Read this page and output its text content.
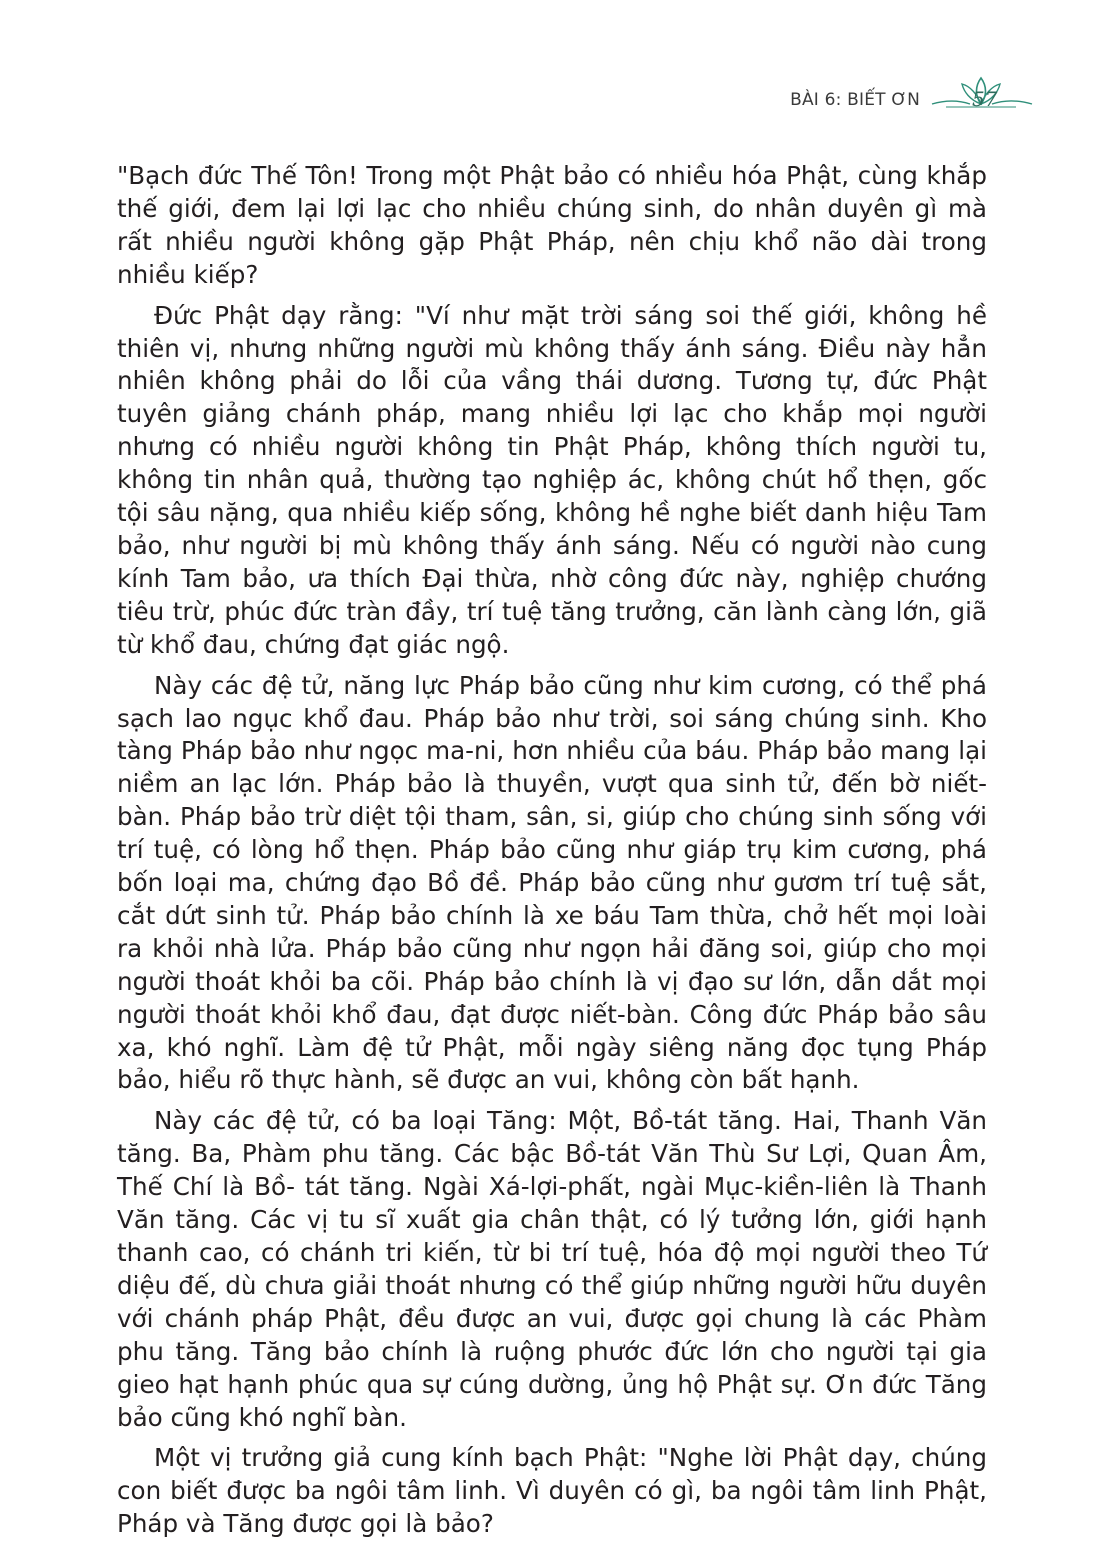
BÀI 6: BIẾT ƠN	57

"Bạch đức Thế Tôn! Trong một Phật bảo có nhiều hóa Phật, cùng khắp thế giới, đem lại lợi lạc cho nhiều chúng sinh, do nhân duyên gì mà rất nhiều người không gặp Phật Pháp, nên chịu khổ não dài trong nhiều kiếp?

Đức Phật dạy rằng: "Ví như mặt trời sáng soi thế giới, không hề thiên vị, nhưng những người mù không thấy ánh sáng. Điều này hẳn nhiên không phải do lỗi của vầng thái dương. Tương tự, đức Phật tuyên giảng chánh pháp, mang nhiều lợi lạc cho khắp mọi người nhưng có nhiều người không tin Phật Pháp, không thích người tu, không tin nhân quả, thường tạo nghiệp ác, không chút hổ thẹn, gốc tội sâu nặng, qua nhiều kiếp sống, không hề nghe biết danh hiệu Tam bảo, như người bị mù không thấy ánh sáng. Nếu có người nào cung kính Tam bảo, ưa thích Đại thừa, nhờ công đức này, nghiệp chướng tiêu trừ, phúc đức tràn đầy, trí tuệ tăng trưởng, căn lành càng lớn, giã từ khổ đau, chứng đạt giác ngộ.

Này các đệ tử, năng lực Pháp bảo cũng như kim cương, có thể phá sạch lao ngục khổ đau. Pháp bảo như trời, soi sáng chúng sinh. Kho tàng Pháp bảo như ngọc ma-ni, hơn nhiều của báu. Pháp bảo mang lại niềm an lạc lớn. Pháp bảo là thuyền, vượt qua sinh tử, đến bờ niết-bàn. Pháp bảo trừ diệt tội tham, sân, si, giúp cho chúng sinh sống với trí tuệ, có lòng hổ thẹn. Pháp bảo cũng như giáp trụ kim cương, phá bốn loại ma, chứng đạo Bồ đề. Pháp bảo cũng như gươm trí tuệ sắt, cắt dứt sinh tử. Pháp bảo chính là xe báu Tam thừa, chở hết mọi loài ra khỏi nhà lửa. Pháp bảo cũng như ngọn hải đăng soi, giúp cho mọi người thoát khỏi ba cõi. Pháp bảo chính là vị đạo sư lớn, dẫn dắt mọi người thoát khỏi khổ đau, đạt được niết-bàn. Công đức Pháp bảo sâu xa, khó nghĩ. Làm đệ tử Phật, mỗi ngày siêng năng đọc tụng Pháp bảo, hiểu rõ thực hành, sẽ được an vui, không còn bất hạnh.

Này các đệ tử, có ba loại Tăng: Một, Bồ-tát tăng. Hai, Thanh Văn tăng. Ba, Phàm phu tăng. Các bậc Bồ-tát Văn Thù Sư Lợi, Quan Âm, Thế Chí là Bồ- tát tăng. Ngài Xá-lợi-phất, ngài Mục-kiền-liên là Thanh Văn tăng. Các vị tu sĩ xuất gia chân thật, có lý tưởng lớn, giới hạnh thanh cao, có chánh tri kiến, từ bi trí tuệ, hóa độ mọi người theo Tứ diệu đế, dù chưa giải thoát nhưng có thể giúp những người hữu duyên với chánh pháp Phật, đều được an vui, được gọi chung là các Phàm phu tăng. Tăng bảo chính là ruộng phước đức lớn cho người tại gia gieo hạt hạnh phúc qua sự cúng dường, ủng hộ Phật sự. Ơn đức Tăng bảo cũng khó nghĩ bàn.

Một vị trưởng giả cung kính bạch Phật: "Nghe lời Phật dạy, chúng con biết được ba ngôi tâm linh. Vì duyên có gì, ba ngôi tâm linh Phật, Pháp và Tăng được gọi là bảo?
